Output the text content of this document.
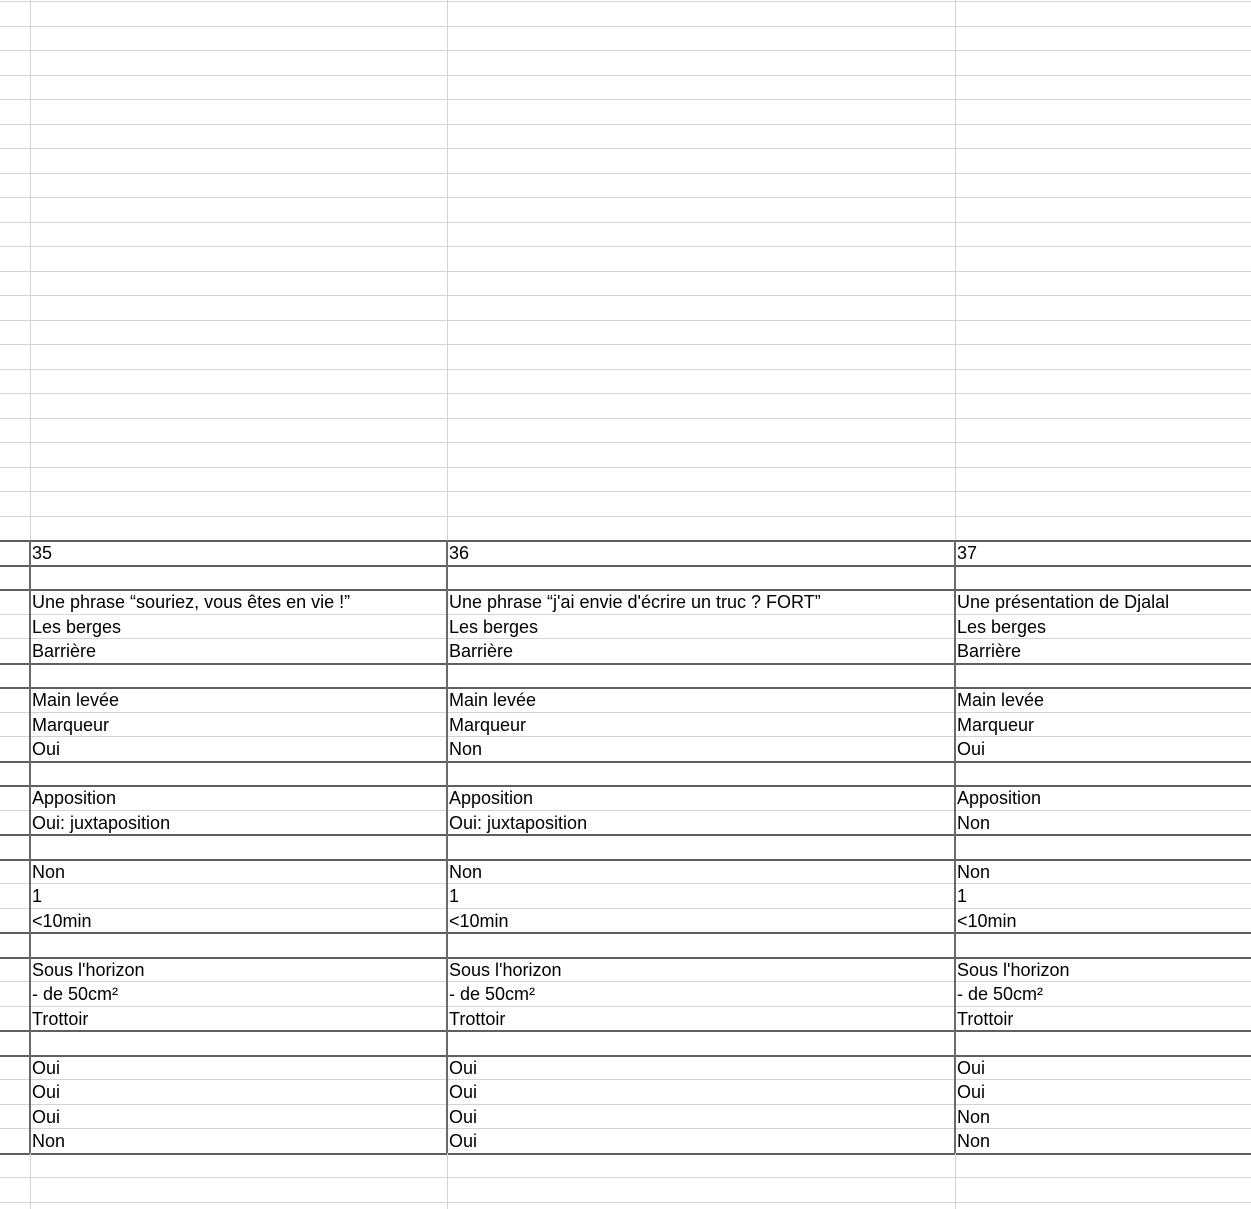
35
Une phrase “souriez, vous êtes en vie !”
Les berges
Barrière
Main levée
Marqueur
Oui
Apposition
Oui: juxtaposition
Non
1
<10min
Sous l'horizon
- de 50cm²
Trottoir
Oui
Oui
Oui
Non
36
Une phrase “j'ai envie d'écrire un truc ? FORT”
Les berges
Barrière
Main levée
Marqueur
Non
Apposition
Oui: juxtaposition
Non
1
<10min
Sous l'horizon
- de 50cm²
Trottoir
Oui
Oui
Oui
Oui
37
Une présentation de Djalal
Les berges
Barrière
Main levée
Marqueur
Oui
Apposition
Non
Non
1
<10min
Sous l'horizon
- de 50cm²
Trottoir
Oui
Oui
Non
Non
